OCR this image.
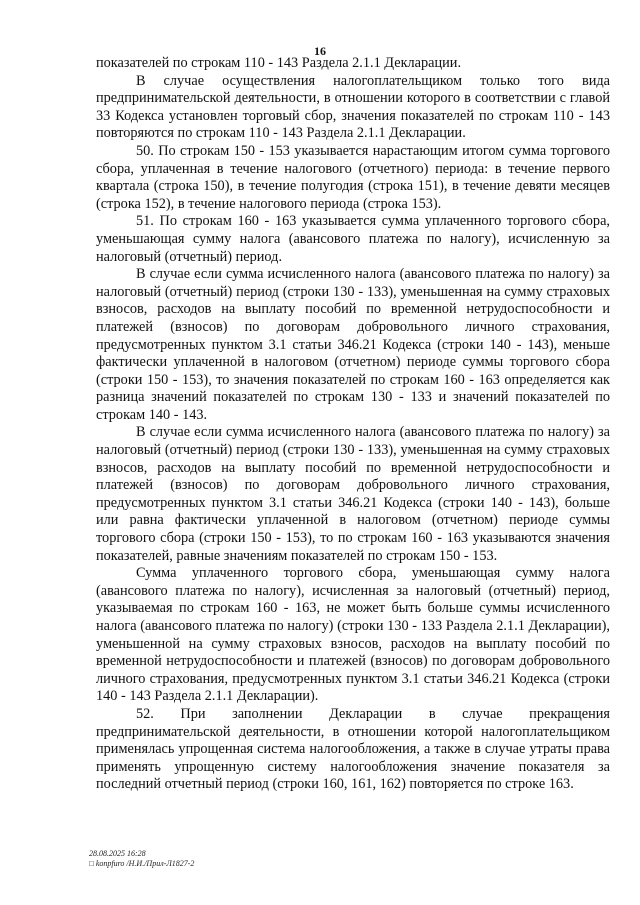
16

показателей по строкам 110 - 143 Раздела 2.1.1 Декларации.

В случае осуществления налогоплательщиком только того вида предпринимательской деятельности, в отношении которого в соответствии с главой 33 Кодекса установлен торговый сбор, значения показателей по строкам 110 - 143 повторяются по строкам 110 - 143 Раздела 2.1.1 Декларации.

50. По строкам 150 - 153 указывается нарастающим итогом сумма торгового сбора, уплаченная в течение налогового (отчетного) периода: в течение первого квартала (строка 150), в течение полугодия (строка 151), в течение девяти месяцев (строка 152), в течение налогового периода (строка 153).

51. По строкам 160 - 163 указывается сумма уплаченного торгового сбора, уменьшающая сумму налога (авансового платежа по налогу), исчисленную за налоговый (отчетный) период.

В случае если сумма исчисленного налога (авансового платежа по налогу) за налоговый (отчетный) период (строки 130 - 133), уменьшенная на сумму страховых взносов, расходов на выплату пособий по временной нетрудоспособности и платежей (взносов) по договорам добровольного личного страхования, предусмотренных пунктом 3.1 статьи 346.21 Кодекса (строки 140 - 143), меньше фактически уплаченной в налоговом (отчетном) периоде суммы торгового сбора (строки 150 - 153), то значения показателей по строкам 160 - 163 определяется как разница значений показателей по строкам 130 - 133 и значений показателей по строкам 140 - 143.

В случае если сумма исчисленного налога (авансового платежа по налогу) за налоговый (отчетный) период (строки 130 - 133), уменьшенная на сумму страховых взносов, расходов на выплату пособий по временной нетрудоспособности и платежей (взносов) по договорам добровольного личного страхования, предусмотренных пунктом 3.1 статьи 346.21 Кодекса (строки 140 - 143), больше или равна фактически уплаченной в налоговом (отчетном) периоде суммы торгового сбора (строки 150 - 153), то по строкам 160 - 163 указываются значения показателей, равные значениям показателей по строкам 150 - 153.

Сумма уплаченного торгового сбора, уменьшающая сумму налога (авансового платежа по налогу), исчисленная за налоговый (отчетный) период, указываемая по строкам 160 - 163, не может быть больше суммы исчисленного налога (авансового платежа по налогу) (строки 130 - 133 Раздела 2.1.1 Декларации), уменьшенной на сумму страховых взносов, расходов на выплату пособий по временной нетрудоспособности и платежей (взносов) по договорам добровольного личного страхования, предусмотренных пунктом 3.1 статьи 346.21 Кодекса (строки 140 - 143 Раздела 2.1.1 Декларации).

52. При заполнении Декларации в случае прекращения предпринимательской деятельности, в отношении которой налогоплательщиком применялась упрощенная система налогообложения, а также в случае утраты права применять упрощенную систему налогообложения значение показателя за последний отчетный период (строки 160, 161, 162) повторяется по строке 163.

28.08.2025 16:28
□ konpfuro /Н.И./Прил-Л1827-2
